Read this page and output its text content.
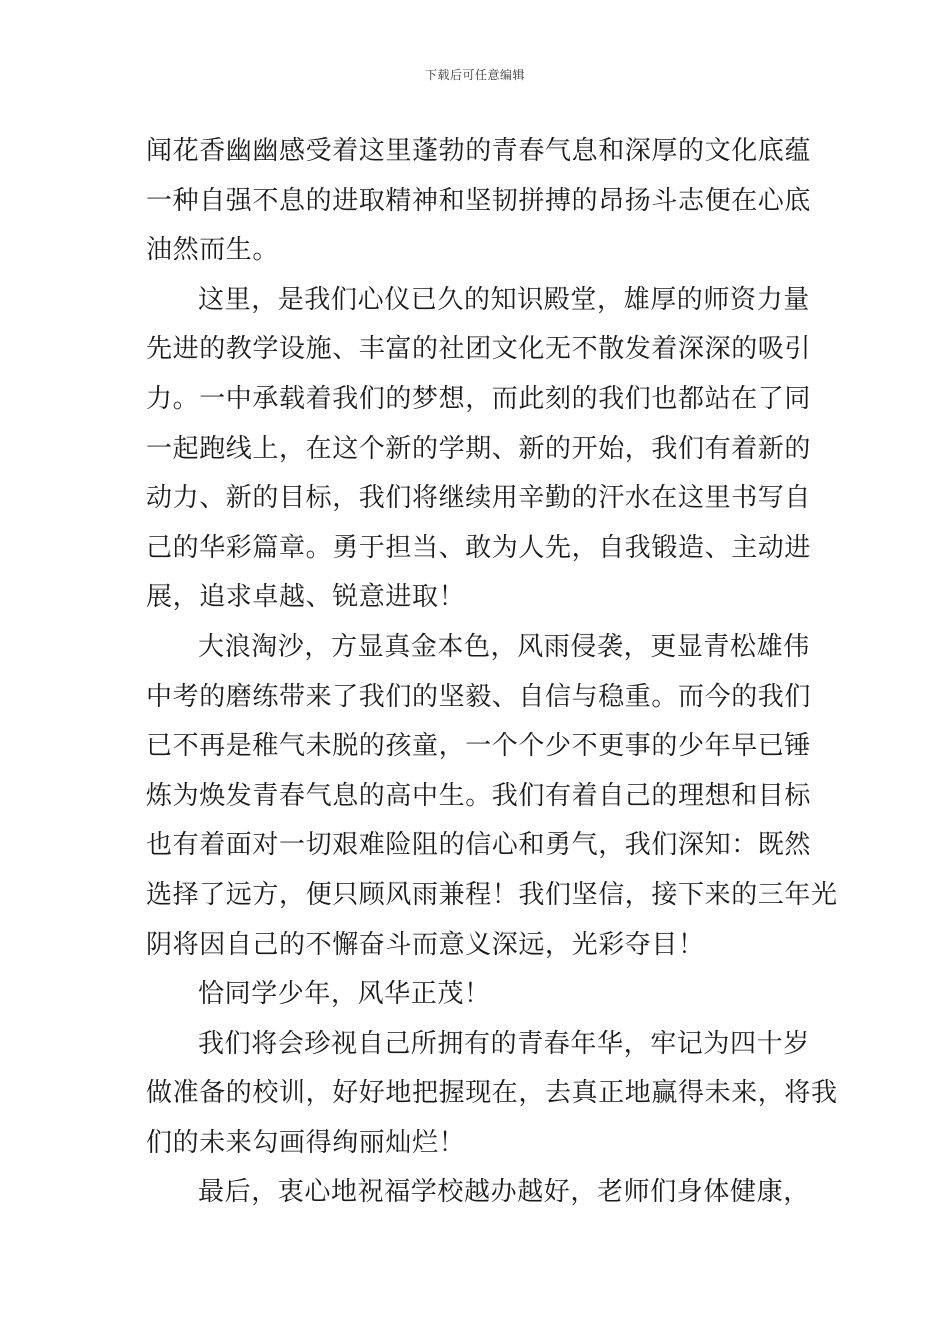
下载后可任意编辑
闻花香幽幽感受着这里蓬勃的青春气息和深厚的文化底蕴
一种自强不息的进取精神和坚韧拼搏的昂扬斗志便在心底
油然而生。
这里，是我们心仪已久的知识殿堂，雄厚的师资力量
先进的教学设施、丰富的社团文化无不散发着深深的吸引
力。一中承载着我们的梦想，而此刻的我们也都站在了同
一起跑线上，在这个新的学期、新的开始，我们有着新的
动力、新的目标，我们将继续用辛勤的汗水在这里书写自
己的华彩篇章。勇于担当、敢为人先，自我锻造、主动进
展，追求卓越、锐意进取！
大浪淘沙，方显真金本色，风雨侵袭，更显青松雄伟
中考的磨练带来了我们的坚毅、自信与稳重。而今的我们
已不再是稚气未脱的孩童，一个个少不更事的少年早已锤
炼为焕发青春气息的高中生。我们有着自己的理想和目标
也有着面对一切艰难险阻的信心和勇气，我们深知：既然
选择了远方，便只顾风雨兼程！我们坚信，接下来的三年光
阴将因自己的不懈奋斗而意义深远，光彩夺目！
恰同学少年，风华正茂！
我们将会珍视自己所拥有的青春年华，牢记为四十岁
做准备的校训，好好地把握现在，去真正地赢得未来，将我
们的未来勾画得绚丽灿烂！
最后，衷心地祝福学校越办越好，老师们身体健康，
